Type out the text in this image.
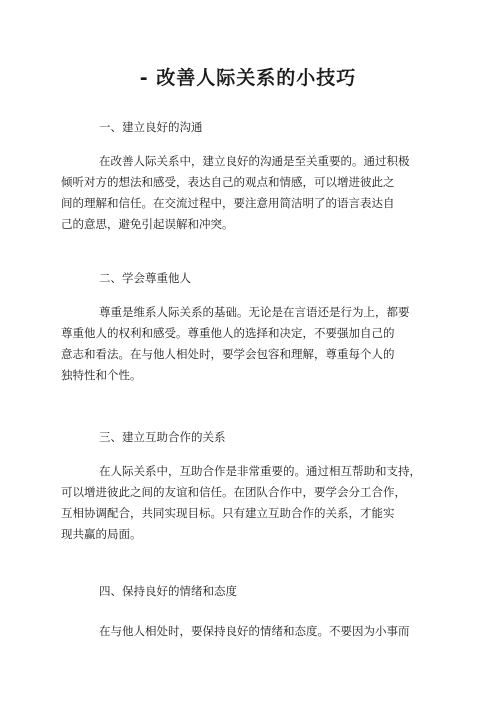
- 改善人际关系的小技巧
一、建立良好的沟通
在改善人际关系中，建立良好的沟通是至关重要的。通过积极
倾听对方的想法和感受，表达自己的观点和情感，可以增进彼此之
间的理解和信任。在交流过程中，要注意用简洁明了的语言表达自
己的意思，避免引起误解和冲突。
二、学会尊重他人
尊重是维系人际关系的基础。无论是在言语还是行为上，都要
尊重他人的权利和感受。尊重他人的选择和决定，不要强加自己的
意志和看法。在与他人相处时，要学会包容和理解，尊重每个人的
独特性和个性。
三、建立互助合作的关系
在人际关系中，互助合作是非常重要的。通过相互帮助和支持，
可以增进彼此之间的友谊和信任。在团队合作中，要学会分工合作，
互相协调配合，共同实现目标。只有建立互助合作的关系，才能实
现共赢的局面。
四、保持良好的情绪和态度
在与他人相处时，要保持良好的情绪和态度。不要因为小事而
